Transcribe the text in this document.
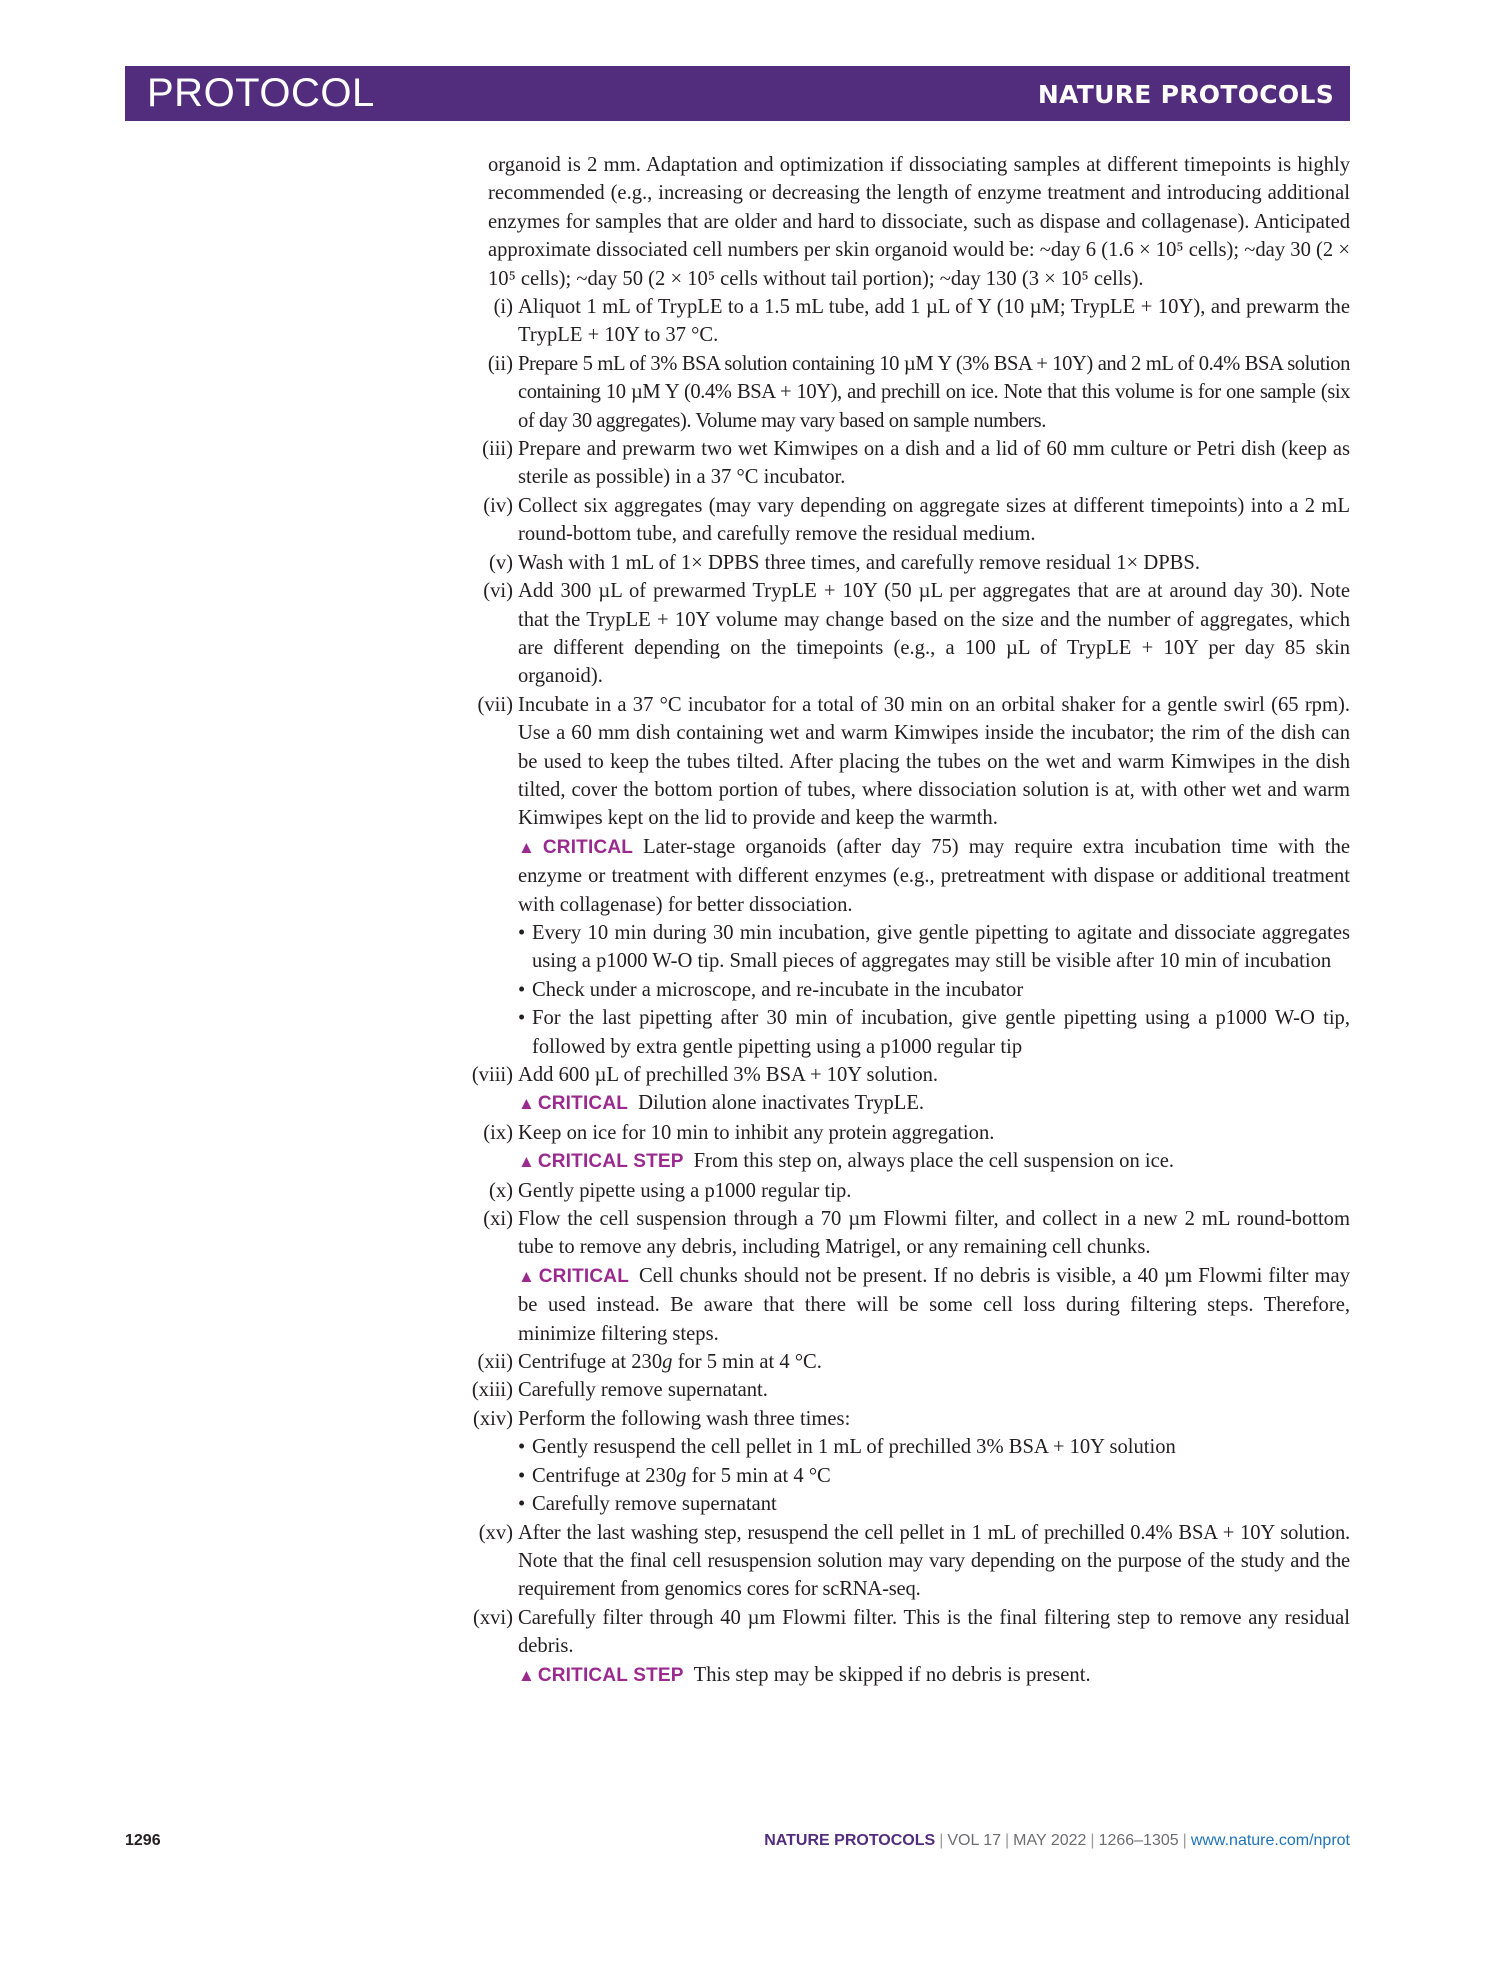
PROTOCOL	NATURE PROTOCOLS

organoid is 2 mm. Adaptation and optimization if dissociating samples at different timepoints is highly recommended (e.g., increasing or decreasing the length of enzyme treatment and introducing additional enzymes for samples that are older and hard to dissociate, such as dispase and collagenase). Anticipated approximate dissociated cell numbers per skin organoid would be: ~day 6 (1.6 × 10⁵ cells); ~day 30 (2 × 10⁵ cells); ~day 50 (2 × 10⁵ cells without tail portion); ~day 130 (3 × 10⁵ cells).

(i) Aliquot 1 mL of TrypLE to a 1.5 mL tube, add 1 µL of Y (10 µM; TrypLE + 10Y), and prewarm the TrypLE + 10Y to 37 °C.
(ii) Prepare 5 mL of 3% BSA solution containing 10 µM Y (3% BSA + 10Y) and 2 mL of 0.4% BSA solution containing 10 µM Y (0.4% BSA + 10Y), and prechill on ice. Note that this volume is for one sample (six of day 30 aggregates). Volume may vary based on sample numbers.
(iii) Prepare and prewarm two wet Kimwipes on a dish and a lid of 60 mm culture or Petri dish (keep as sterile as possible) in a 37 °C incubator.
(iv) Collect six aggregates (may vary depending on aggregate sizes at different timepoints) into a 2 mL round-bottom tube, and carefully remove the residual medium.
(v) Wash with 1 mL of 1× DPBS three times, and carefully remove residual 1× DPBS.
(vi) Add 300 µL of prewarmed TrypLE + 10Y (50 µL per aggregates that are at around day 30). Note that the TrypLE + 10Y volume may change based on the size and the number of aggregates, which are different depending on the timepoints (e.g., a 100 µL of TrypLE + 10Y per day 85 skin organoid).
(vii) Incubate in a 37 °C incubator for a total of 30 min on an orbital shaker for a gentle swirl (65 rpm). Use a 60 mm dish containing wet and warm Kimwipes inside the incubator; the rim of the dish can be used to keep the tubes tilted. After placing the tubes on the wet and warm Kimwipes in the dish tilted, cover the bottom portion of tubes, where dissociation solution is at, with other wet and warm Kimwipes kept on the lid to provide and keep the warmth.
▲ CRITICAL Later-stage organoids (after day 75) may require extra incubation time with the enzyme or treatment with different enzymes (e.g., pretreatment with dispase or additional treatment with collagenase) for better dissociation.
• Every 10 min during 30 min incubation, give gentle pipetting to agitate and dissociate aggregates using a p1000 W-O tip. Small pieces of aggregates may still be visible after 10 min of incubation
• Check under a microscope, and re-incubate in the incubator
• For the last pipetting after 30 min of incubation, give gentle pipetting using a p1000 W-O tip, followed by extra gentle pipetting using a p1000 regular tip
(viii) Add 600 µL of prechilled 3% BSA + 10Y solution.
▲ CRITICAL Dilution alone inactivates TrypLE.
(ix) Keep on ice for 10 min to inhibit any protein aggregation.
▲ CRITICAL STEP From this step on, always place the cell suspension on ice.
(x) Gently pipette using a p1000 regular tip.
(xi) Flow the cell suspension through a 70 µm Flowmi filter, and collect in a new 2 mL round-bottom tube to remove any debris, including Matrigel, or any remaining cell chunks.
▲ CRITICAL Cell chunks should not be present. If no debris is visible, a 40 µm Flowmi filter may be used instead. Be aware that there will be some cell loss during filtering steps. Therefore, minimize filtering steps.
(xii) Centrifuge at 230g for 5 min at 4 °C.
(xiii) Carefully remove supernatant.
(xiv) Perform the following wash three times:
• Gently resuspend the cell pellet in 1 mL of prechilled 3% BSA + 10Y solution
• Centrifuge at 230g for 5 min at 4 °C
• Carefully remove supernatant
(xv) After the last washing step, resuspend the cell pellet in 1 mL of prechilled 0.4% BSA + 10Y solution. Note that the final cell resuspension solution may vary depending on the purpose of the study and the requirement from genomics cores for scRNA-seq.
(xvi) Carefully filter through 40 µm Flowmi filter. This is the final filtering step to remove any residual debris.
▲ CRITICAL STEP This step may be skipped if no debris is present.
1296	NATURE PROTOCOLS | VOL 17 | MAY 2022 | 1266–1305 | www.nature.com/nprot
